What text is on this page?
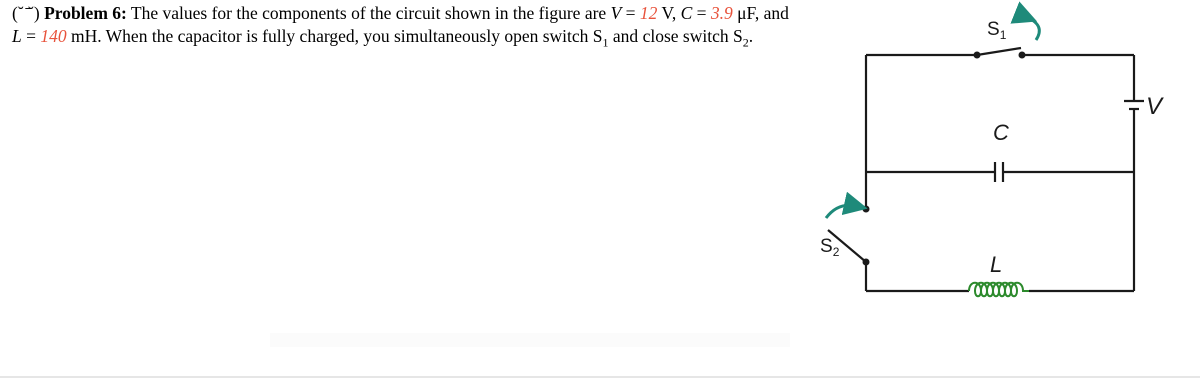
(˘ ̄˘) Problem 6: The values for the components of the circuit shown in the figure are V = 12 V, C = 3.9 μF, and L = 140 mH. When the capacitor is fully charged, you simultaneously open switch $S_1$ and close switch $S_2$.	$S_1$
C
L
V
$S_2$
